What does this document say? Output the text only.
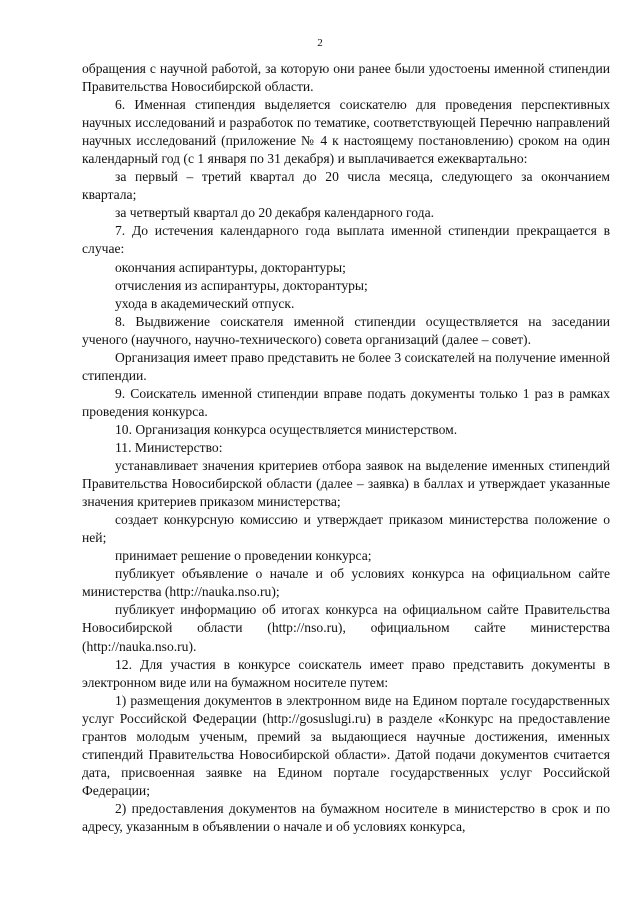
2

обращения с научной работой, за которую они ранее были удостоены именной стипендии Правительства Новосибирской области.

6. Именная стипендия выделяется соискателю для проведения перспективных научных исследований и разработок по тематике, соответствующей Перечню направлений научных исследований (приложение № 4 к настоящему постановлению) сроком на один календарный год (с 1 января по 31 декабря) и выплачивается ежеквартально:

за первый – третий квартал до 20 числа месяца, следующего за окончанием квартала;

за четвертый квартал до 20 декабря календарного года.

7. До истечения календарного года выплата именной стипендии прекращается в случае:

окончания аспирантуры, докторантуры;

отчисления из аспирантуры, докторантуры;

ухода в академический отпуск.

8. Выдвижение соискателя именной стипендии осуществляется на заседании ученого (научного, научно-технического) совета организаций (далее – совет).

Организация имеет право представить не более 3 соискателей на получение именной стипендии.

9. Соискатель именной стипендии вправе подать документы только 1 раз в рамках проведения конкурса.

10. Организация конкурса осуществляется министерством.

11. Министерство:

устанавливает значения критериев отбора заявок на выделение именных стипендий Правительства Новосибирской области (далее – заявка) в баллах и утверждает указанные значения критериев приказом министерства;

создает конкурсную комиссию и утверждает приказом министерства положение о ней;

принимает решение о проведении конкурса;

публикует объявление о начале и об условиях конкурса на официальном сайте министерства (http://nauka.nso.ru);

публикует информацию об итогах конкурса на официальном сайте Правительства Новосибирской области (http://nso.ru), официальном сайте министерства (http://nauka.nso.ru).

12. Для участия в конкурсе соискатель имеет право представить документы в электронном виде или на бумажном носителе путем:

1) размещения документов в электронном виде на Едином портале государственных услуг Российской Федерации (http://gosuslugi.ru) в разделе «Конкурс на предоставление грантов молодым ученым, премий за выдающиеся научные достижения, именных стипендий Правительства Новосибирской области». Датой подачи документов считается дата, присвоенная заявке на Едином портале государственных услуг Российской Федерации;

2) предоставления документов на бумажном носителе в министерство в срок и по адресу, указанным в объявлении о начале и об условиях конкурса,
